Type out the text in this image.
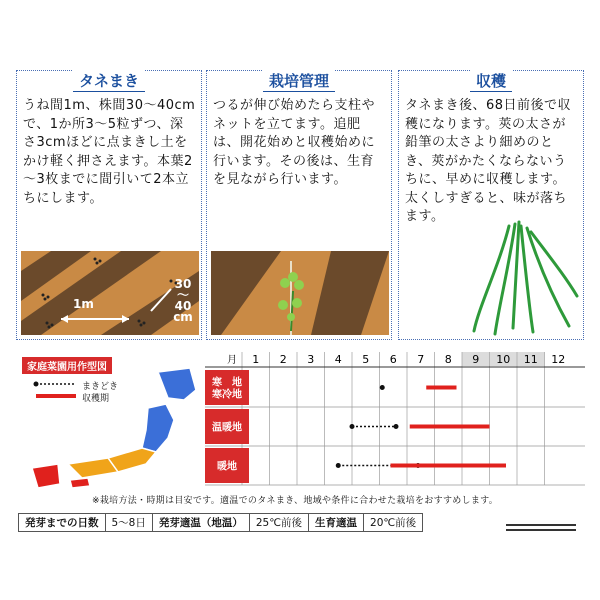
タネまき
うね間1m、株間30～40cmで、1か所3～5粒ずつ、深さ3cmほどに点まきし土をかけ軽く押さえます。本葉2～3枚までに間引いて2本立ちにします。
1m
30
～
40
cm
栽培管理
つるが伸び始めたら支柱やネットを立てます。追肥は、開花始めと収穫始めに行います。その後は、生育を見ながら行います。
収穫
タネまき後、68日前後で収穫になります。莢の太さが鉛筆の太さより細めのとき、莢がかたくならないうちに、早めに収穫します。太くしすぎると、味が落ちます。
家庭菜園用作型図
まきどき
収穫期
月 1 2 3 4 5 6 7 8 9 10 11 12
寒　地
寒冷地
温暖地
暖地
※栽培方法・時期は目安です。適温でのタネまき、地域や条件に合わせた栽培をおすすめします。
発芽までの日数	5～8日	発芽適温（地温）	25℃前後	生育適温	20℃前後
